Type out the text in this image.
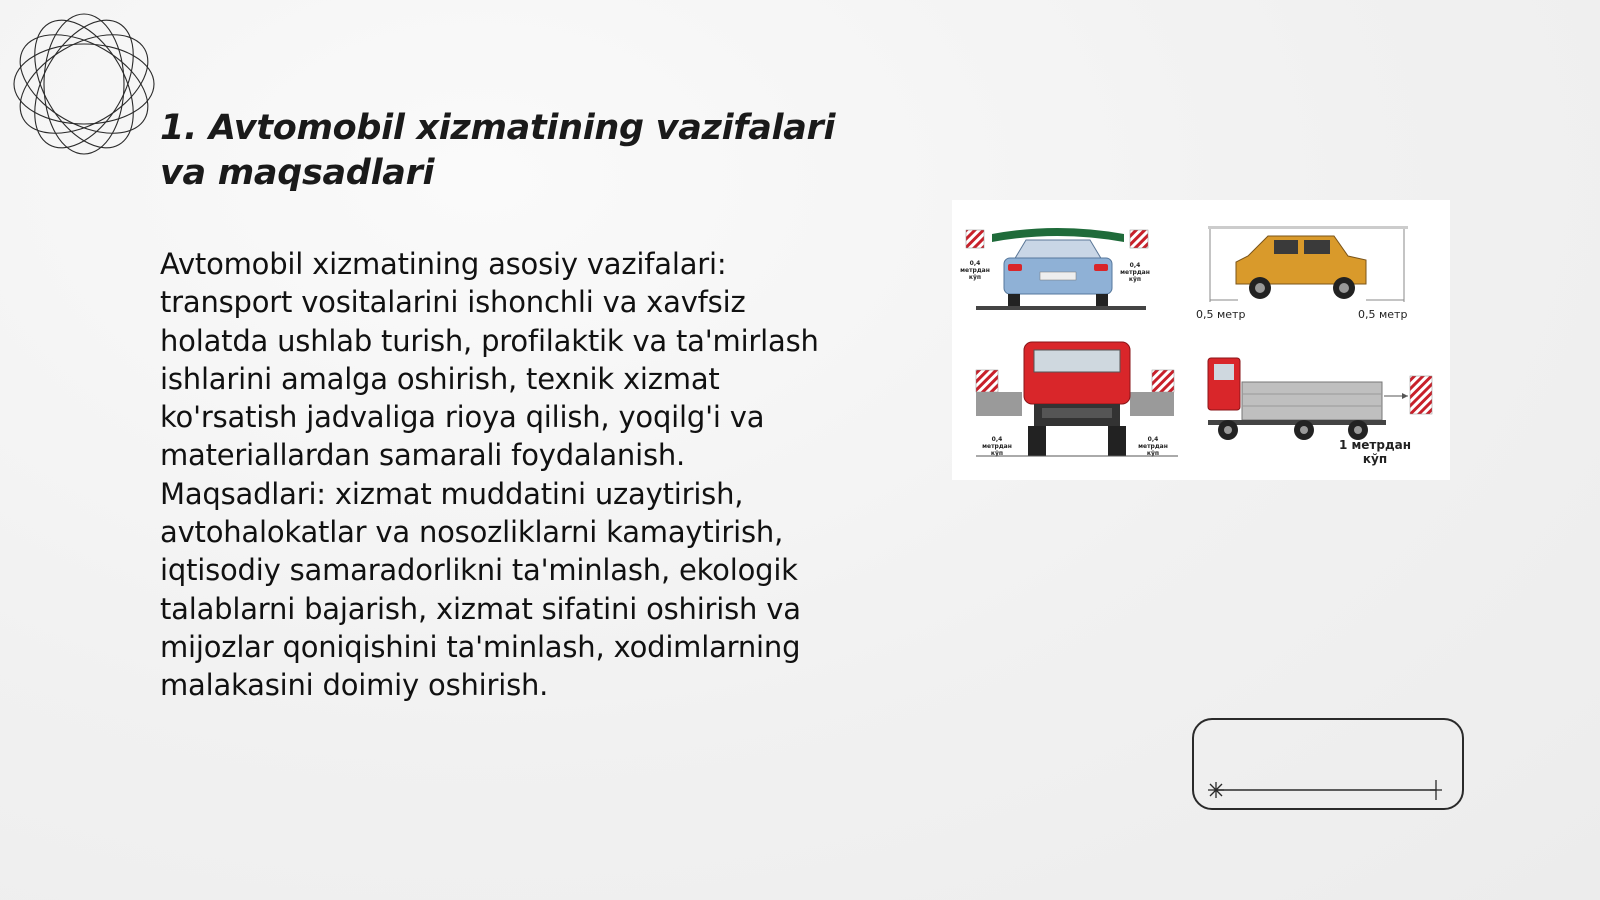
1. Avtomobil xizmatining vazifalari va maqsadlari
Avtomobil xizmatining asosiy vazifalari: transport vositalarini ishonchli va xavfsiz holatda ushlab turish, profilaktik va ta'mirlash ishlarini amalga oshirish, texnik xizmat ko'rsatish jadvaliga rioya qilish, yoqilg'i va materiallardan samarali foydalanish. Maqsadlari: xizmat muddatini uzaytirish, avtohalokatlar va nosozliklarni kamaytirish, iqtisodiy samaradorlikni ta'minlash, ekologik talablarni bajarish, xizmat sifatini oshirish va mijozlar qoniqishini ta'minlash, xodimlarning malakasini doimiy oshirish.
0,4 метрдан кўп
0,4 метрдан кўп
0,5 метр	0,5 метр
0,4 метрдан кўп
0,4 метрдан кўп
1 метрдан кўп
